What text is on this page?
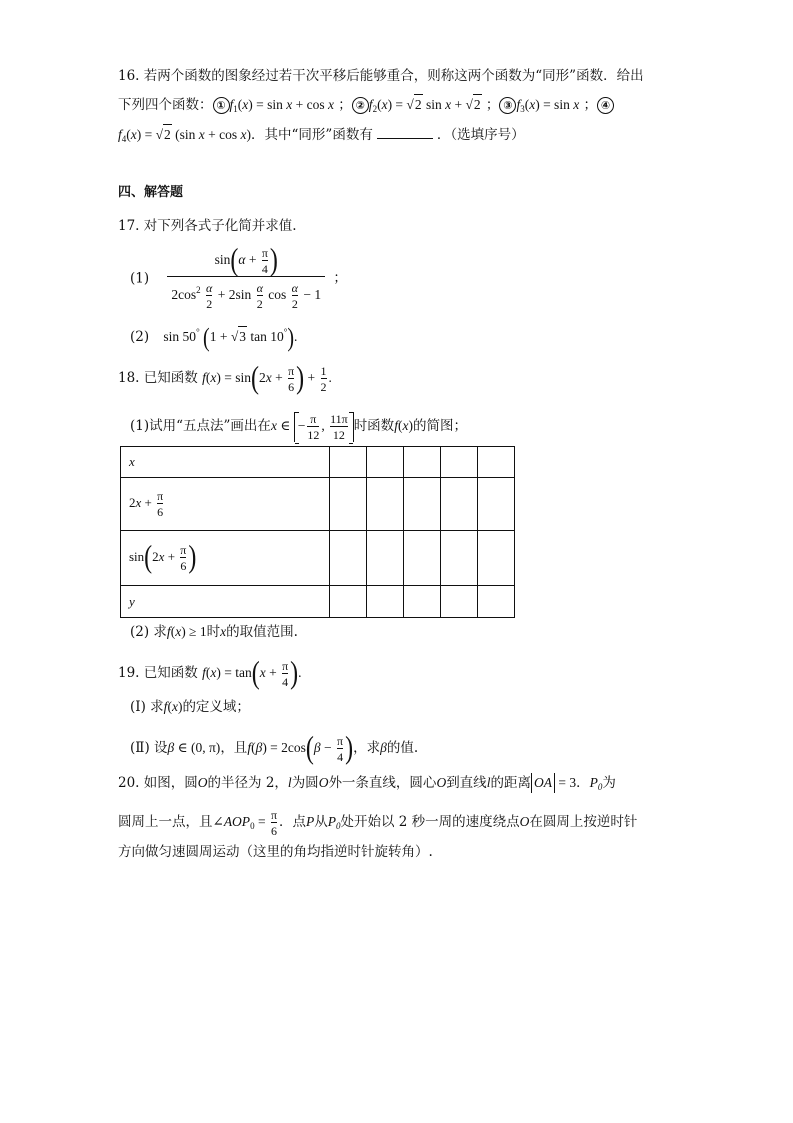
16. 若两个函数的图象经过若干次平移后能够重合，则称这两个函数为“同形”函数．给出
下列四个函数： ① $f_1(x) = \sin x + \cos x$ ； ② $f_2(x) = √2$ sin x + √2 ； ③ $f_3(x) = \sin x$ ； ④
$f_4(x) = √2$ (sin x + cos x)．其中“同形”函数有	．（选填序号）
四、解答题
17. 对下列各式子化简并求值.
$(1) \frac{\sin(\alpha + \frac{\pi}{4} )}{2\cos^2 \frac{\alpha}{2} + 2\sin \frac{\alpha}{2} \cos \frac{\alpha}{2} - 1}$ ；
(2) sin 50° (1 + √3 tan 10°).
18. 已知函数 $f(x) = \sin(2x + \frac{\pi}{6}$ ) + $\frac{1}{2}$ .
(1)试用“五点法”画出在x ∈ − $\frac{\pi}{12}$ , $\frac{11\pi}{12}$ 时函数f(x)的简图；
x					
$2x + \frac{\pi}{6}$

$\sin(2x + \frac{\pi}{6}$ )					
y					
(2) 求f(x) ≥ 1时x的取值范围.
19. 已知函数 $f(x) = \tan(x + \frac{\pi}{4}$ ).
(Ⅰ) 求f(x)的定义域；
(Ⅱ) 设β ∈ (0, π)，且$f(\beta) = 2\cos(\beta - \frac{\pi}{4}$ )，求β的值.
20. 如图，圆O的半径为 2，l为圆O外一条直线，圆心O到直线l的距离 OA = 3．$P_0$为
圆周上一点，且$\angle AOP_0 = \frac{\pi}{6}$ ．点P从$P_0$处开始以 2 秒一周的速度绕点O在圆周上按逆时针
方向做匀速圆周运动（这里的角均指逆时针旋转角）.
